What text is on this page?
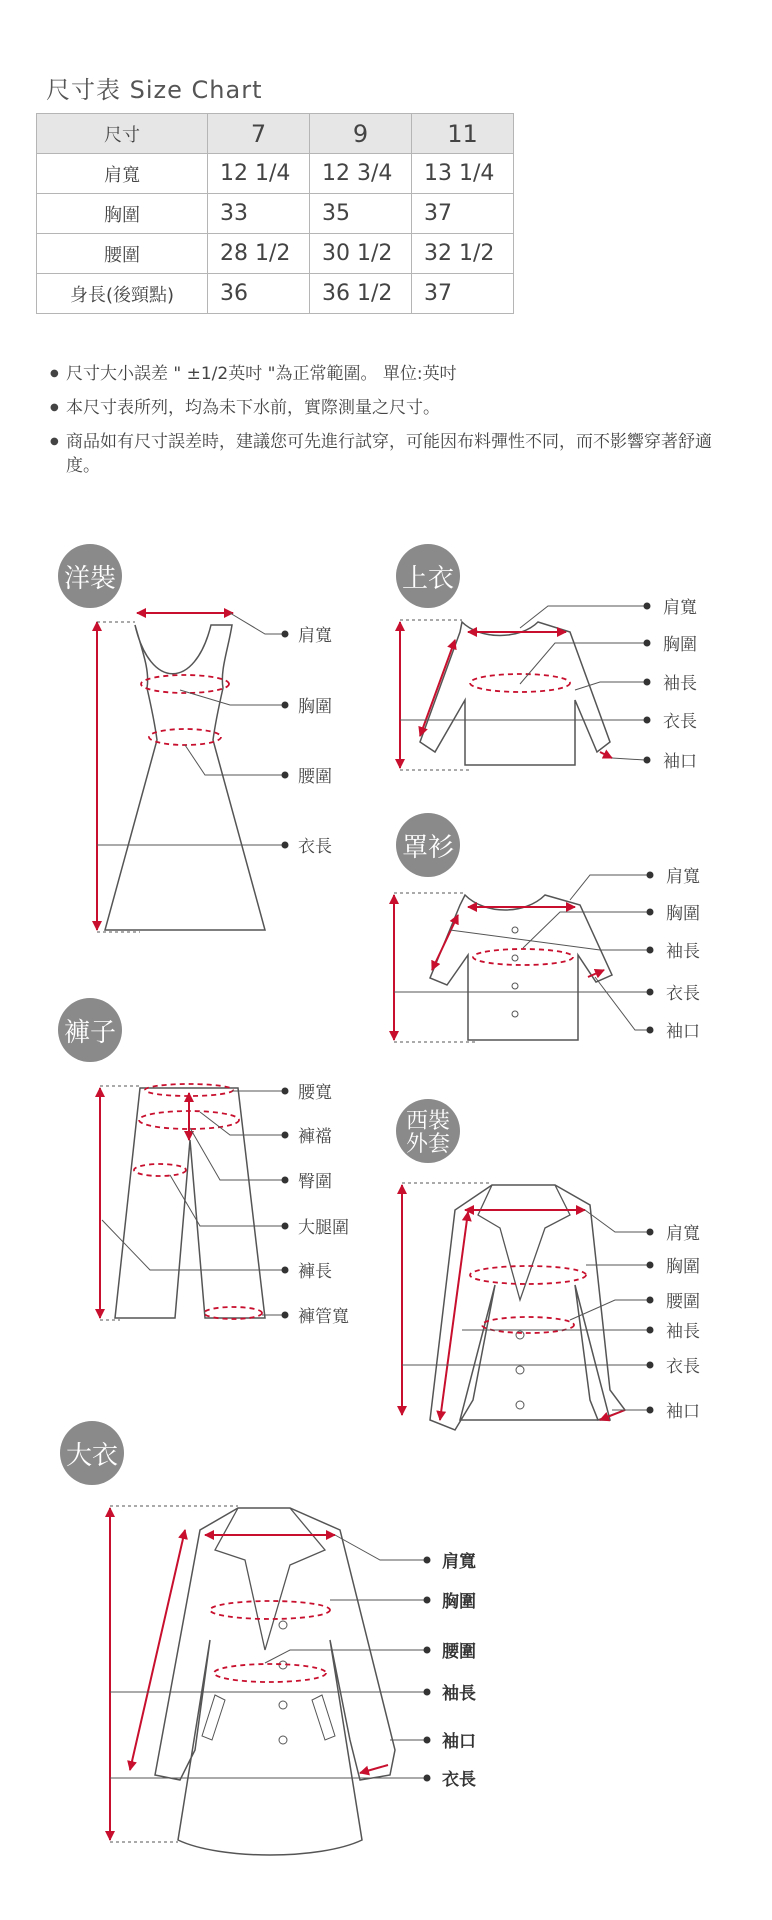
尺寸表 Size Chart
尺寸	7	9	11
肩寬	12 1/4	12 3/4	13 1/4
胸圍	33	35	37
腰圍	28 1/2	30 1/2	32 1/2
身長(後頸點)	36	36 1/2	37
● 尺寸大小誤差 " ±1/2英吋 "為正常範圍。 單位:英吋
● 本尺寸表所列，均為未下水前，實際測量之尺寸。
● 商品如有尺寸誤差時，建議您可先進行試穿，可能因布料彈性不同，而不影響穿著舒適度。
洋裝
肩寬
胸圍
腰圍
衣長
上衣
肩寬
胸圍
袖長
衣長
袖口
罩衫
肩寬
胸圍
袖長
衣長
袖口
褲子
腰寬
褲襠
臀圍
大腿圍
褲長
褲管寬
西裝
外套
肩寬
胸圍
腰圍
袖長
衣長
袖口
大衣
肩寬
胸圍
腰圍
袖長
袖口
衣長
